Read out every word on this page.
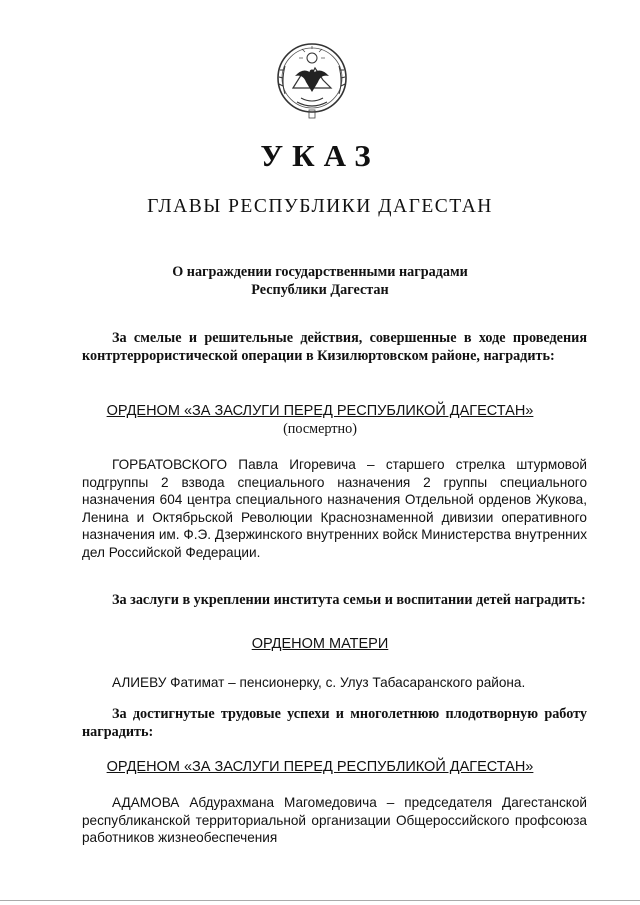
УКАЗ
ГЛАВЫ РЕСПУБЛИКИ ДАГЕСТАН
О награждении государственными наградами
Республики Дагестан
За смелые и решительные действия, совершенные в ходе проведения контртеррористической операции в Кизилюртовском районе, наградить:
ОРДЕНОМ «ЗА ЗАСЛУГИ ПЕРЕД РЕСПУБЛИКОЙ ДАГЕСТАН»
(посмертно)
ГОРБАТОВСКОГО Павла Игоревича – старшего стрелка штурмовой подгруппы 2 взвода специального назначения 2 группы специального назначения 604 центра специального назначения Отдельной орденов Жукова, Ленина и Октябрьской Революции Краснознаменной дивизии оперативного назначения им. Ф.Э. Дзержинского внутренних войск Министерства внутренних дел Российской Федерации.
За заслуги в укреплении института семьи и воспитании детей наградить:
ОРДЕНОМ МАТЕРИ
АЛИЕВУ Фатимат – пенсионерку, с. Улуз Табасаранского района.
За достигнутые трудовые успехи и многолетнюю плодотворную работу наградить:
ОРДЕНОМ «ЗА ЗАСЛУГИ ПЕРЕД РЕСПУБЛИКОЙ ДАГЕСТАН»
АДАМОВА Абдурахмана Магомедовича – председателя Дагестанской республиканской территориальной организации Общероссийского профсоюза работников жизнеобеспечения
